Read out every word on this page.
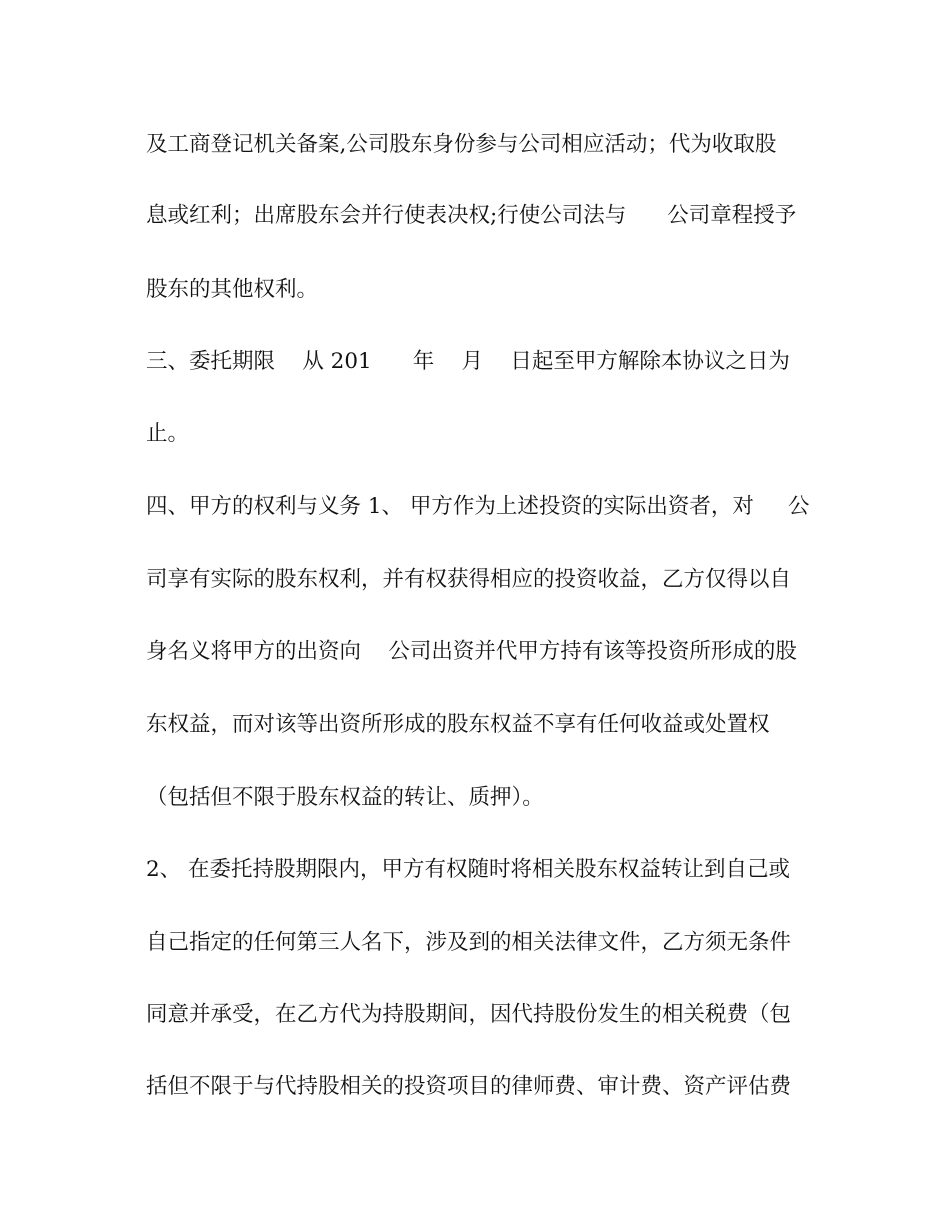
及工商登记机关备案,公司股东身份参与公司相应活动；代为收取股
息或红利；出席股东会并行使表决权;行使公司法与      公司章程授予
股东的其他权利。
三、委托期限    从 201      年    月    日起至甲方解除本协议之日为
止。
四、甲方的权利与义务 1、 甲方作为上述投资的实际出资者，对     公
司享有实际的股东权利，并有权获得相应的投资收益，乙方仅得以自
身名义将甲方的出资向    公司出资并代甲方持有该等投资所形成的股
东权益，而对该等出资所形成的股东权益不享有任何收益或处置权
（包括但不限于股东权益的转让、质押）。
2、 在委托持股期限内，甲方有权随时将相关股东权益转让到自己或
自己指定的任何第三人名下，涉及到的相关法律文件，乙方须无条件
同意并承受，在乙方代为持股期间，因代持股份发生的相关税费（包
括但不限于与代持股相关的投资项目的律师费、审计费、资产评估费
